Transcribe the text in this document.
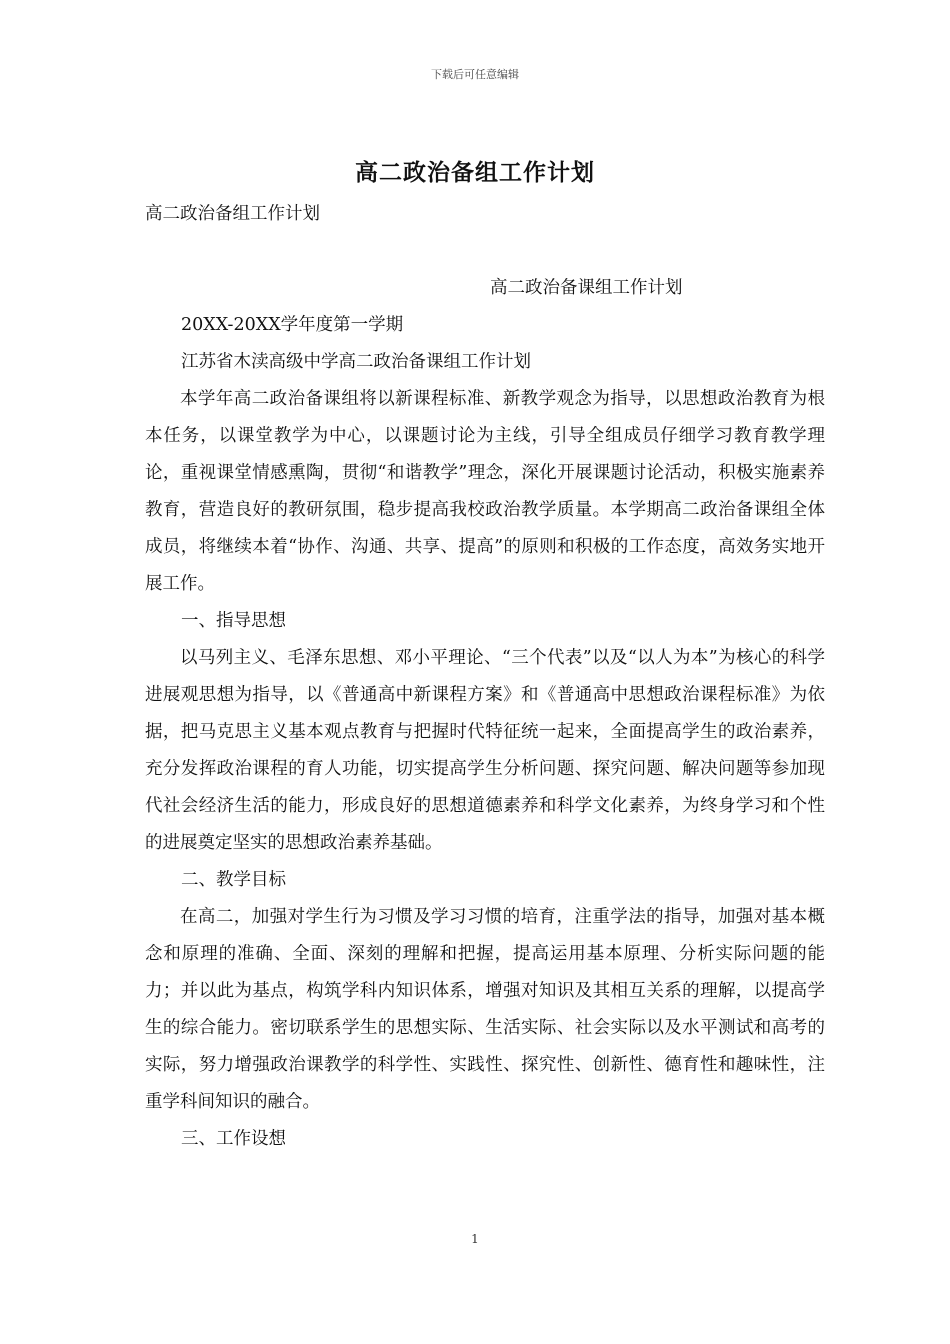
下载后可任意编辑
高二政治备组工作计划

高二政治备组工作计划

高二政治备课组工作计划

20XX-20XX学年度第一学期

江苏省木渎高级中学高二政治备课组工作计划

本学年高二政治备课组将以新课程标准、新教学观念为指导，以思想政治教育为根本任务，以课堂教学为中心，以课题讨论为主线，引导全组成员仔细学习教育教学理论，重视课堂情感熏陶，贯彻“和谐教学”理念，深化开展课题讨论活动，积极实施素养教育，营造良好的教研氛围，稳步提高我校政治教学质量。本学期高二政治备课组全体成员，将继续本着“协作、沟通、共享、提高”的原则和积极的工作态度，高效务实地开展工作。

一、指导思想

以马列主义、毛泽东思想、邓小平理论、“三个代表”以及“以人为本”为核心的科学进展观思想为指导，以《普通高中新课程方案》和《普通高中思想政治课程标准》为依据，把马克思主义基本观点教育与把握时代特征统一起来，全面提高学生的政治素养，充分发挥政治课程的育人功能，切实提高学生分析问题、探究问题、解决问题等参加现代社会经济生活的能力，形成良好的思想道德素养和科学文化素养，为终身学习和个性的进展奠定坚实的思想政治素养基础。

二、教学目标

在高二，加强对学生行为习惯及学习习惯的培育，注重学法的指导，加强对基本概念和原理的准确、全面、深刻的理解和把握，提高运用基本原理、分析实际问题的能力；并以此为基点，构筑学科内知识体系，增强对知识及其相互关系的理解，以提高学生的综合能力。密切联系学生的思想实际、生活实际、社会实际以及水平测试和高考的实际，努力增强政治课教学的科学性、实践性、探究性、创新性、德育性和趣味性，注重学科间知识的融合。

三、工作设想

1
